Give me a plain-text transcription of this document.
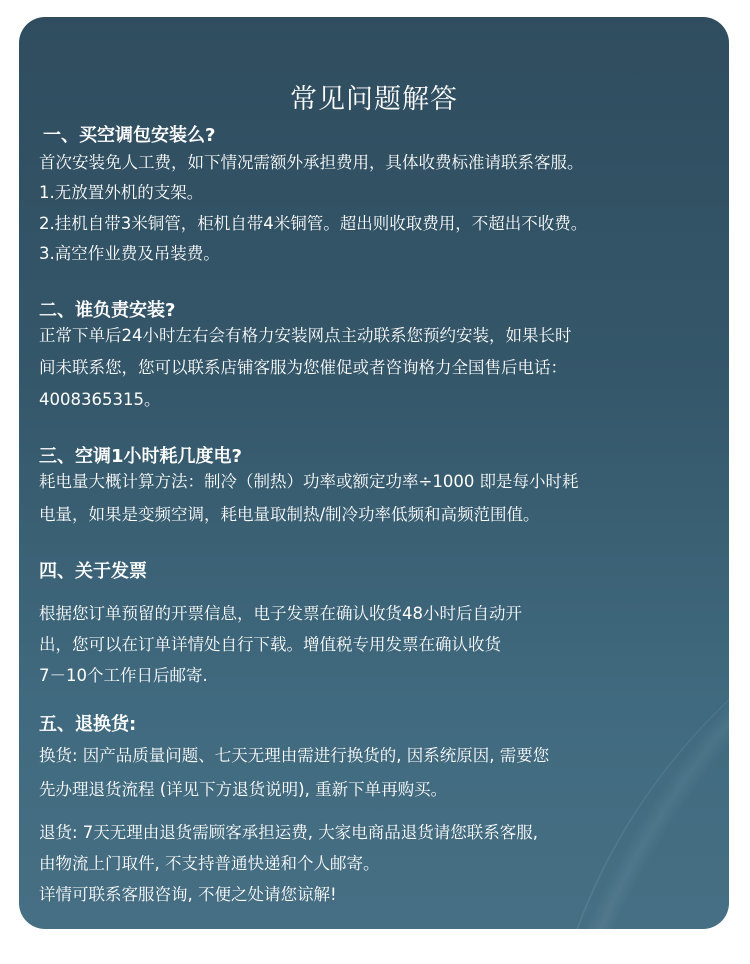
常见问题解答
一、买空调包安装么?

首次安装免人工费，如下情况需额外承担费用，具体收费标准请联系客服。

1.无放置外机的支架。

2.挂机自带3米铜管，柜机自带4米铜管。超出则收取费用，不超出不收费。

3.高空作业费及吊装费。

二、谁负责安装?

正常下单后24小时左右会有格力安装网点主动联系您预约安装，如果长时

间未联系您，您可以联系店铺客服为您催促或者咨询格力全国售后电话：

4008365315。

三、空调1小时耗几度电?

耗电量大概计算方法：制冷（制热）功率或额定功率÷1000 即是每小时耗

电量，如果是变频空调，耗电量取制热/制冷功率低频和高频范围值。

四、关于发票

根据您订单预留的开票信息，电子发票在确认收货48小时后自动开

出，您可以在订单详情处自行下载。增值税专用发票在确认收货

7－10个工作日后邮寄.

五、退换货:

换货: 因产品质量问题、七天无理由需进行换货的, 因系统原因, 需要您

先办理退货流程 (详见下方退货说明), 重新下单再购买。

退货: 7天无理由退货需顾客承担运费, 大家电商品退货请您联系客服,

由物流上门取件, 不支持普通快递和个人邮寄。

详情可联系客服咨询, 不便之处请您谅解!
